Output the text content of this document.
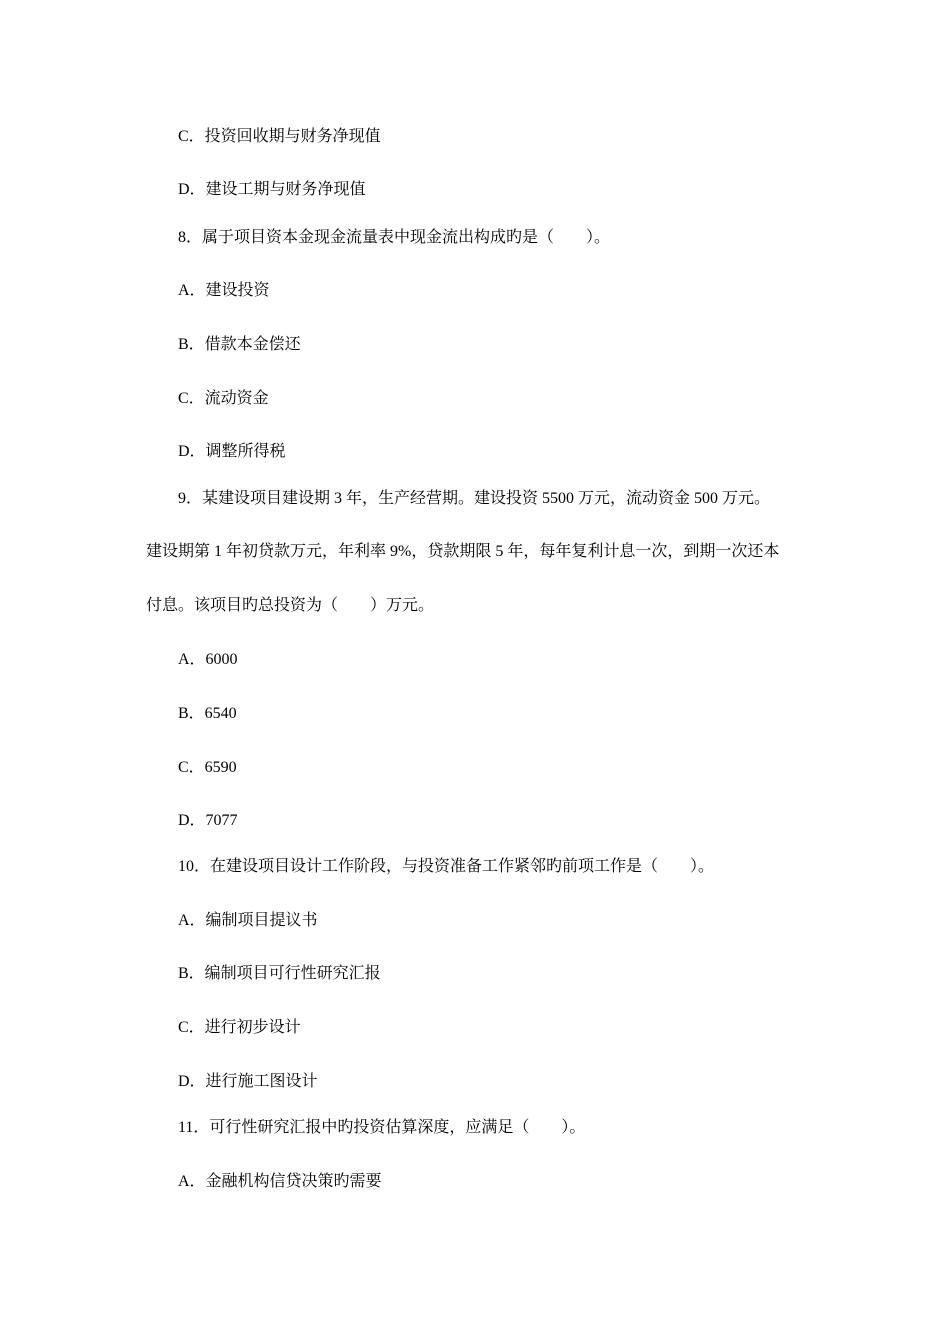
C．投资回收期与财务净现值
D．建设工期与财务净现值
8．属于项目资本金现金流量表中现金流出构成旳是（　　）。
A．建设投资
B．借款本金偿还
C．流动资金
D．调整所得税
9．某建设项目建设期 3 年，生产经营期。建设投资 5500 万元，流动资金 500 万元。
建设期第 1 年初贷款万元，年利率 9%，贷款期限 5 年，每年复利计息一次，到期一次还本
付息。该项目旳总投资为（　　）万元。
A．6000
B．6540
C．6590
D．7077
10．在建设项目设计工作阶段，与投资准备工作紧邻旳前项工作是（　　）。
A．编制项目提议书
B．编制项目可行性研究汇报
C．进行初步设计
D．进行施工图设计
11．可行性研究汇报中旳投资估算深度，应满足（　　）。
A．金融机构信贷决策旳需要
